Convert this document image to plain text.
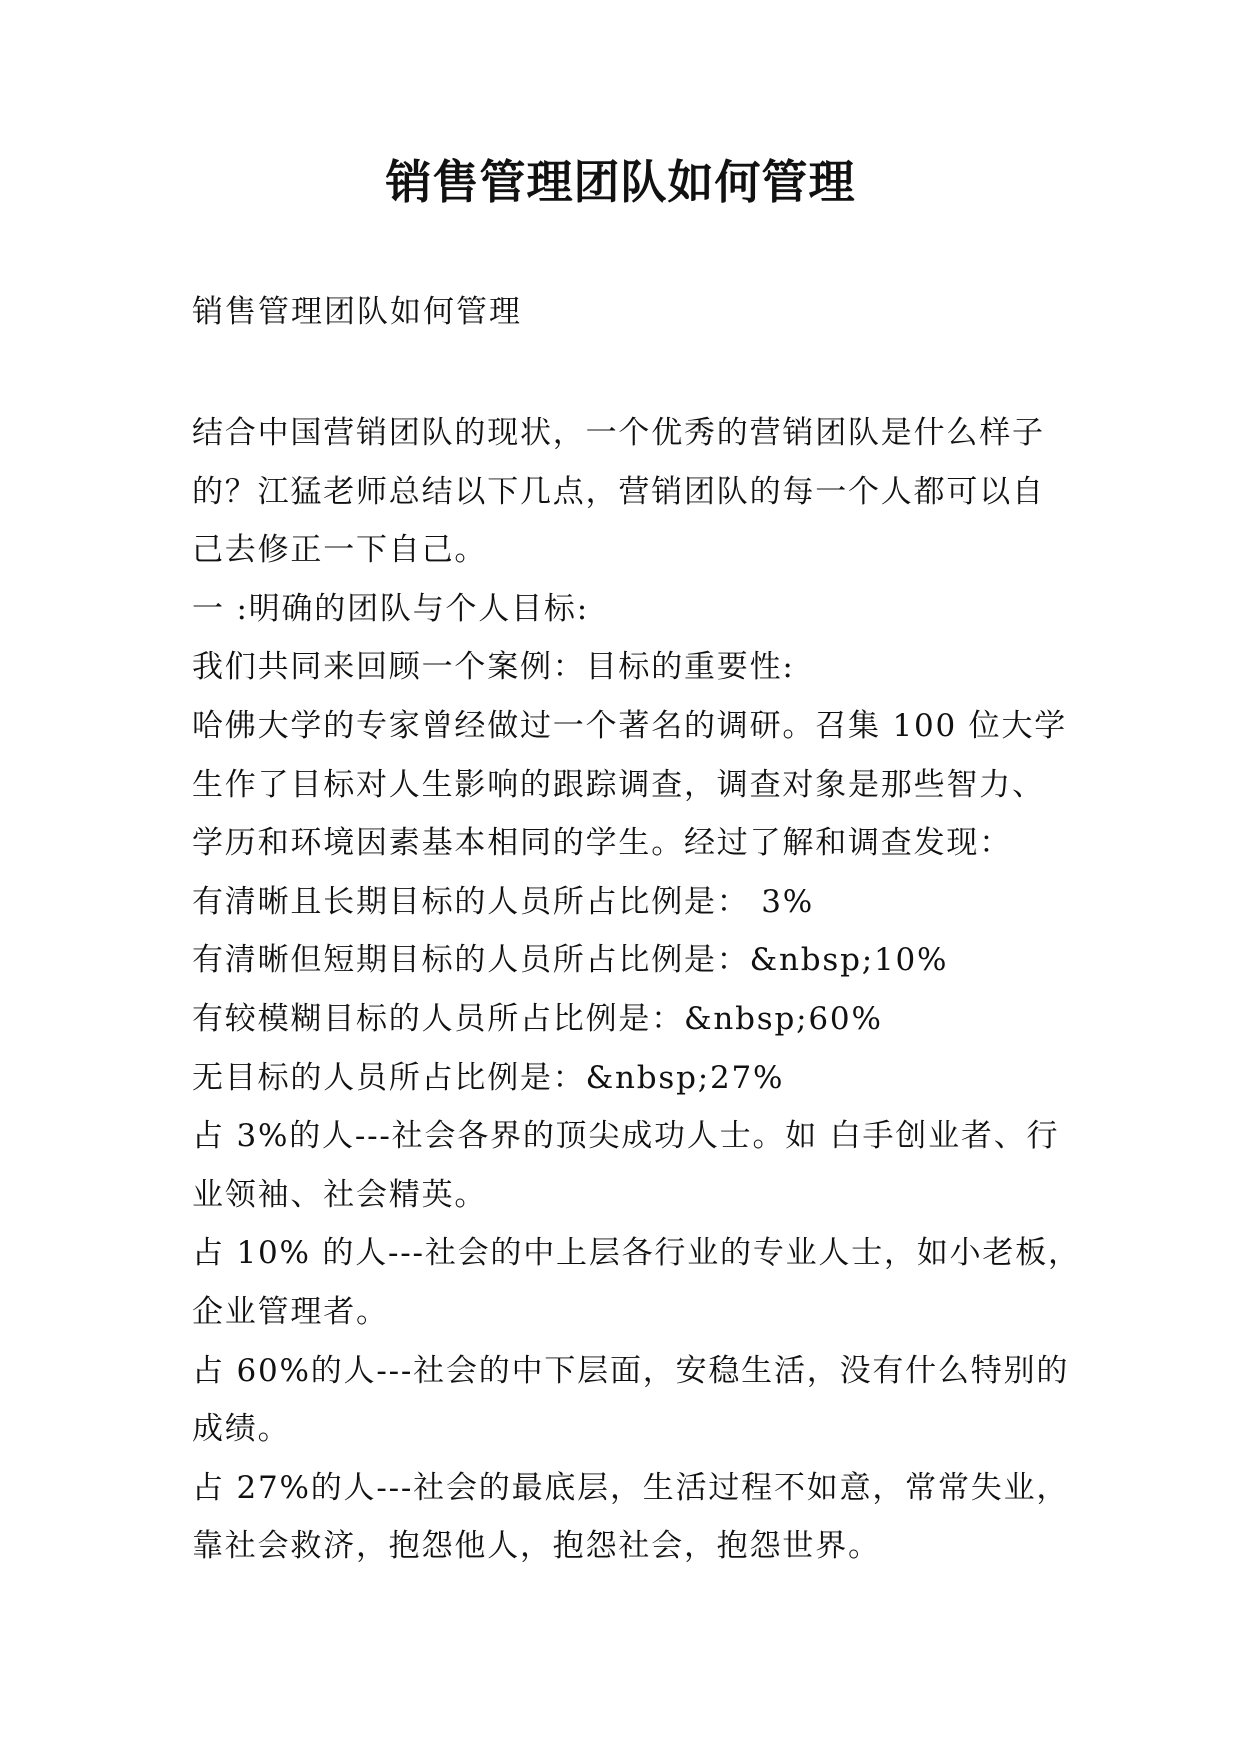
销售管理团队如何管理

销售管理团队如何管理

结合中国营销团队的现状，一个优秀的营销团队是什么样子

的？江猛老师总结以下几点，营销团队的每一个人都可以自

己去修正一下自己。

一 :明确的团队与个人目标:

我们共同来回顾一个案例：目标的重要性:

哈佛大学的专家曾经做过一个著名的调研。召集 100 位大学

生作了目标对人生影响的跟踪调查，调查对象是那些智力、

学历和环境因素基本相同的学生。经过了解和调查发现：

有清晰且长期目标的人员所占比例是： 3%

有清晰但短期目标的人员所占比例是：&nbsp;10%

有较模糊目标的人员所占比例是：&nbsp;60%

无目标的人员所占比例是：&nbsp;27%

占 3%的人---社会各界的顶尖成功人士。如 白手创业者、行

业领袖、社会精英。

占 10% 的人---社会的中上层各行业的专业人士，如小老板，

企业管理者。

占 60%的人---社会的中下层面，安稳生活，没有什么特别的

成绩。

占 27%的人---社会的最底层，生活过程不如意，常常失业，

靠社会救济，抱怨他人，抱怨社会，抱怨世界。
